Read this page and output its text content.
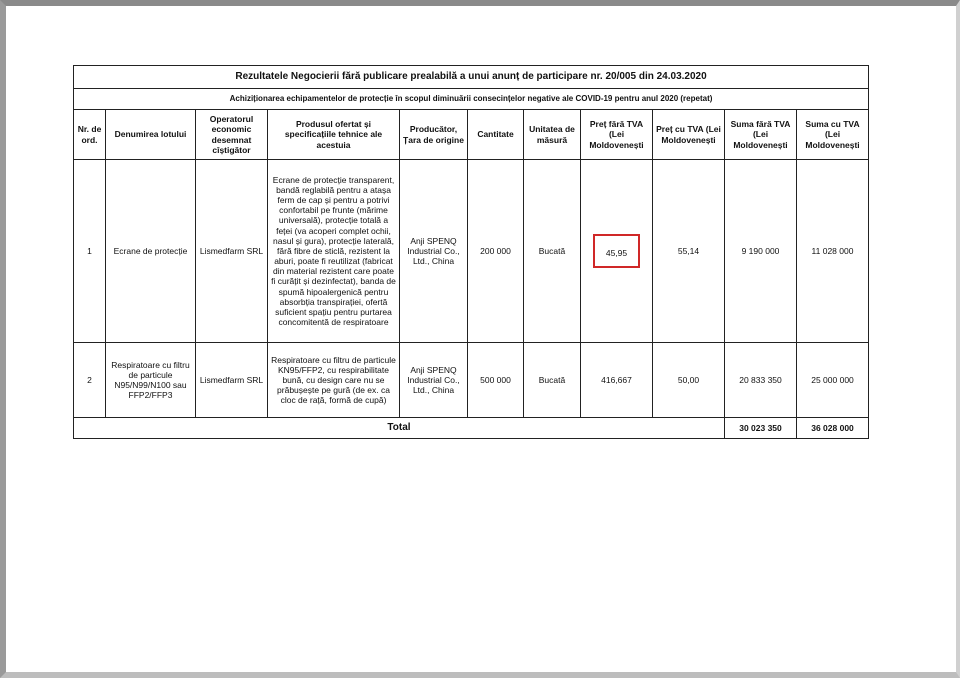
Rezultatele Negocierii fără publicare prealabilă a unui anunț de participare nr. 20/005 din 24.03.2020										
Achiziționarea echipamentelor de protecție în scopul diminuării consecințelor negative ale COVID-19 pentru anul 2020 (repetat)										
Nr. de ord.	Denumirea lotului	Operatorul economic desemnat cîștigător	Produsul ofertat și specificațiile tehnice ale acestuia	Producător, Țara de origine	Cantitate	Unitatea de măsură	Preț fără TVA (Lei Moldovenești	Preț cu TVA (Lei Moldovenești	Suma fără TVA (Lei Moldovenești	Suma cu TVA (Lei Moldovenești
1	Ecrane de protecție	Lismedfarm SRL	Ecrane de protecție transparent, bandă reglabilă pentru a atașa ferm de cap și pentru a potrivi confortabil pe frunte (mărime universală), protecție totală a feței (va acoperi complet ochii, nasul și gura), protecție laterală, fără fibre de sticlă, rezistent la aburi, poate fi reutilizat (fabricat din material rezistent care poate fi curățit și dezinfectat), banda de spumă hipoalergenică pentru absorbția transpirației, ofertă suficient spațiu pentru purtarea concomitentă de respiratoare	Anji SPENQ Industrial Co., Ltd., China	200 000	Bucată	45,95	55,14	9 190 000	11 028 000
2	Respiratoare cu filtru de particule N95/N99/N100 sau FFP2/FFP3	Lismedfarm SRL	Respiratoare cu filtru de particule KN95/FFP2, cu respirabilitate bună, cu design care nu se prăbușește pe gură (de ex. ca cloc de rață, formă de cupă)	Anji SPENQ Industrial Co., Ltd., China	500 000	Bucată	416,667	50,00	20 833 350	25 000 000
Total									30 023 350	36 028 000
